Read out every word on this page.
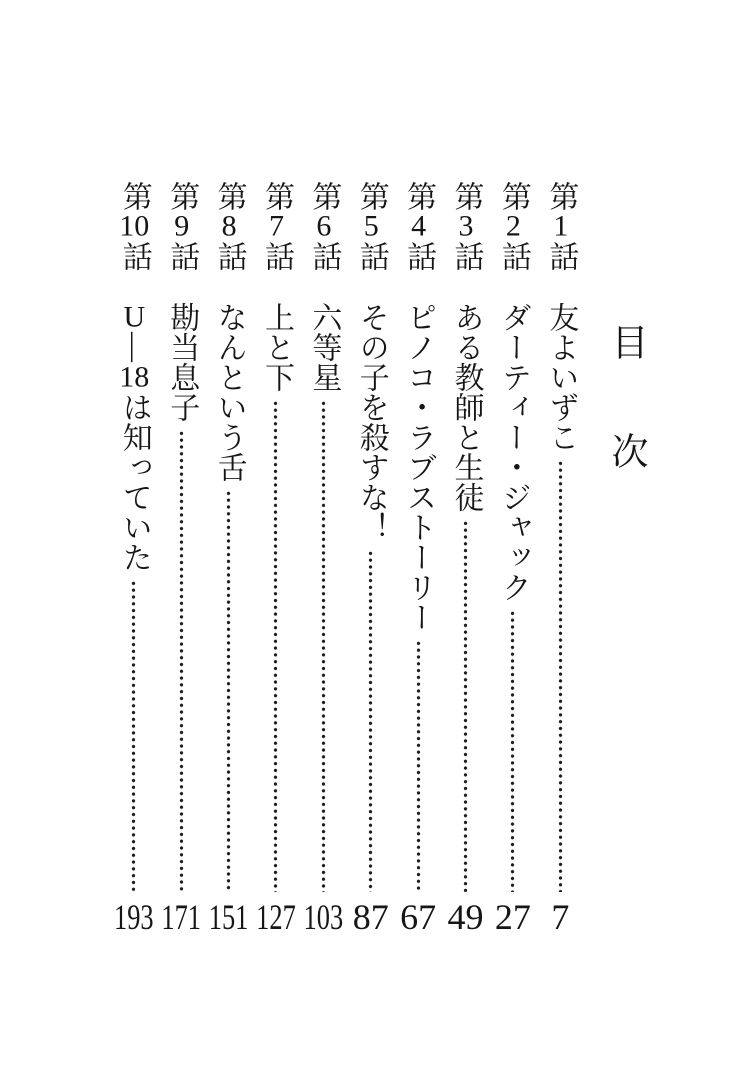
目次
第1話
友よいずこ
7
第2話
ダーティー・ジャック
27
第3話
ある教師と生徒
49
第4話
ピノコ・ラブストーリー
67
第5話
その子を殺すな！
87
第6話
六等星
103
第7話
上と下
127
第8話
なんという舌
151
第9話
勘当息子
171
第10話
U―18は知っていた
193
